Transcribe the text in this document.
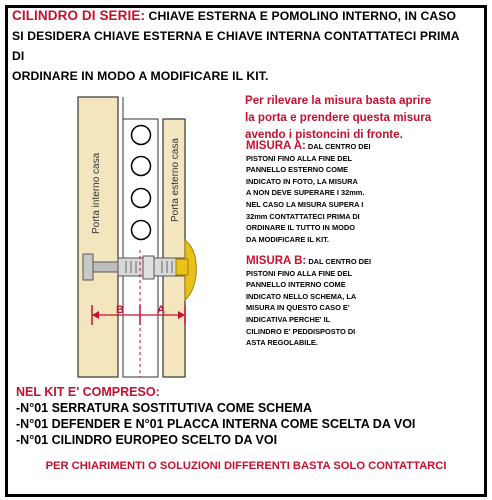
CILINDRO DI SERIE: CHIAVE ESTERNA E POMOLINO INTERNO, IN CASO
SI DESIDERA CHIAVE ESTERNA E CHIAVE INTERNA CONTATTATECI PRIMA DI
ORDINARE IN MODO A MODIFICARE IL KIT.
Per rilevare la misura basta aprire
la porta e prendere questa misura
avendo i pistoncini di fronte.
MISURA A: DAL CENTRO DEI
PISTONI FINO ALLA FINE DEL
PANNELLO ESTERNO COME
INDICATO IN FOTO, LA MISURA
A NON DEVE SUPERARE I 32mm.
NEL CASO LA MISURA SUPERA I
32mm CONTATTATECI PRIMA DI
ORDINARE IL TUTTO IN MODO
DA MODIFICARE IL KIT.
MISURA B: DAL CENTRO DEI
PISTONI FINO ALLA FINE DEL
PANNELLO INTERNO COME
INDICATO NELLO SCHEMA, LA
MISURA IN QUESTO CASO E'
INDICATIVA PERCHE' IL
CILINDRO E' PEDDISPOSTO DI
ASTA REGOLABILE.
Porta interno casa	Porta esterno casa
B	A
NEL KIT E' COMPRESO:
-N°01 SERRATURA SOSTITUTIVA COME SCHEMA
-N°01 DEFENDER E N°01 PLACCA INTERNA COME SCELTA DA VOI
-N°01 CILINDRO EUROPEO SCELTO DA VOI
PER CHIARIMENTI O SOLUZIONI DIFFERENTI BASTA SOLO CONTATTARCI
